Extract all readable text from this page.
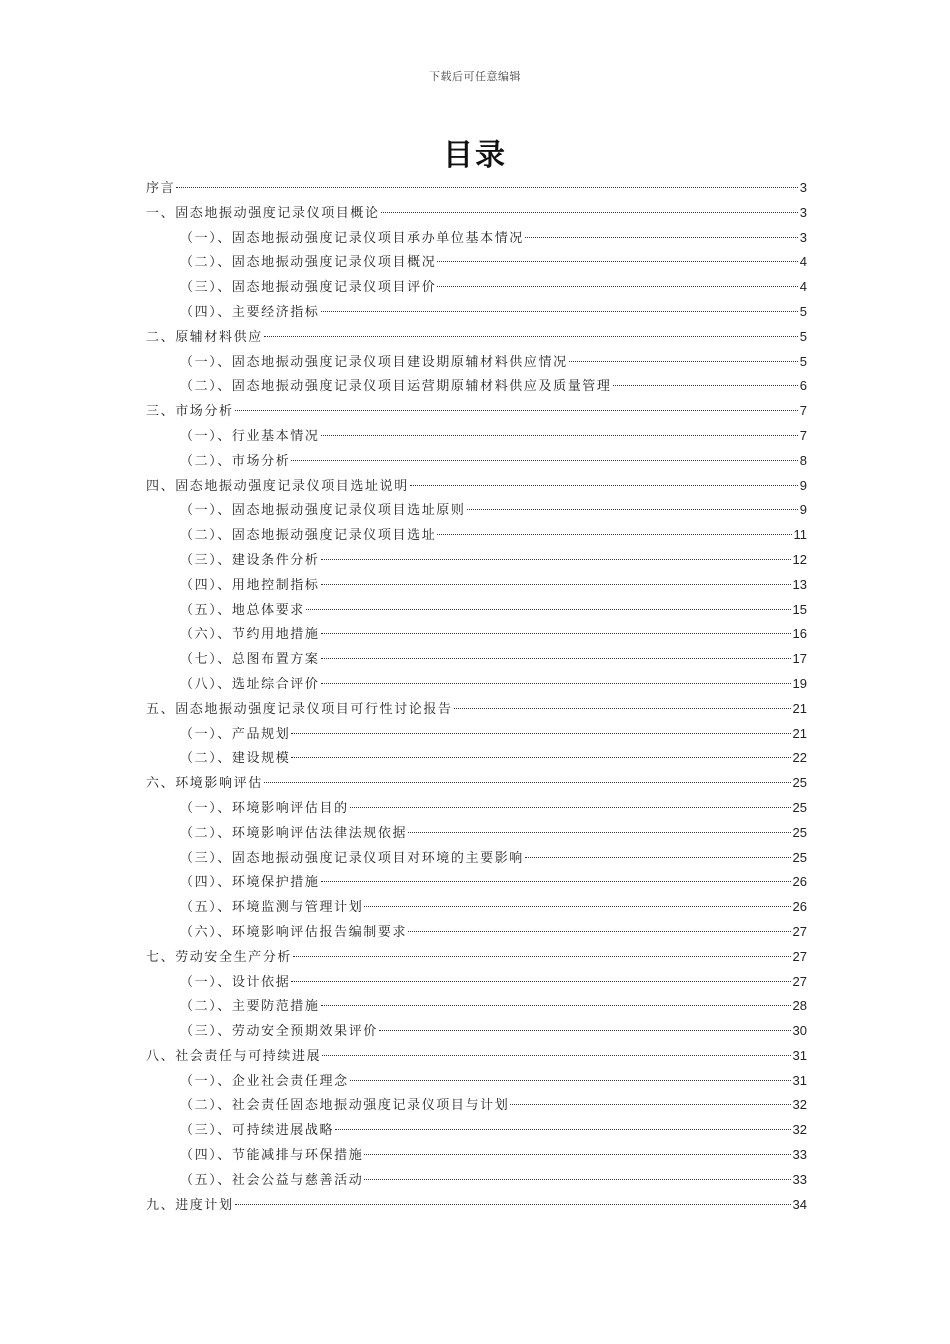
下载后可任意编辑
目录
序言	3
一、固态地振动强度记录仪项目概论	3
（一）、固态地振动强度记录仪项目承办单位基本情况	3
（二）、固态地振动强度记录仪项目概况	4
（三）、固态地振动强度记录仪项目评价	4
（四）、主要经济指标	5
二、原辅材料供应	5
（一）、固态地振动强度记录仪项目建设期原辅材料供应情况	5
（二）、固态地振动强度记录仪项目运营期原辅材料供应及质量管理	6
三、市场分析	7
（一）、行业基本情况	7
（二）、市场分析	8
四、固态地振动强度记录仪项目选址说明	9
（一）、固态地振动强度记录仪项目选址原则	9
（二）、固态地振动强度记录仪项目选址	11
（三）、建设条件分析	12
（四）、用地控制指标	13
（五）、地总体要求	15
（六）、节约用地措施	16
（七）、总图布置方案	17
（八）、选址综合评价	19
五、固态地振动强度记录仪项目可行性讨论报告	21
（一）、产品规划	21
（二）、建设规模	22
六、环境影响评估	25
（一）、环境影响评估目的	25
（二）、环境影响评估法律法规依据	25
（三）、固态地振动强度记录仪项目对环境的主要影响	25
（四）、环境保护措施	26
（五）、环境监测与管理计划	26
（六）、环境影响评估报告编制要求	27
七、劳动安全生产分析	27
（一）、设计依据	27
（二）、主要防范措施	28
（三）、劳动安全预期效果评价	30
八、社会责任与可持续进展	31
（一）、企业社会责任理念	31
（二）、社会责任固态地振动强度记录仪项目与计划	32
（三）、可持续进展战略	32
（四）、节能减排与环保措施	33
（五）、社会公益与慈善活动	33
九、进度计划	34
